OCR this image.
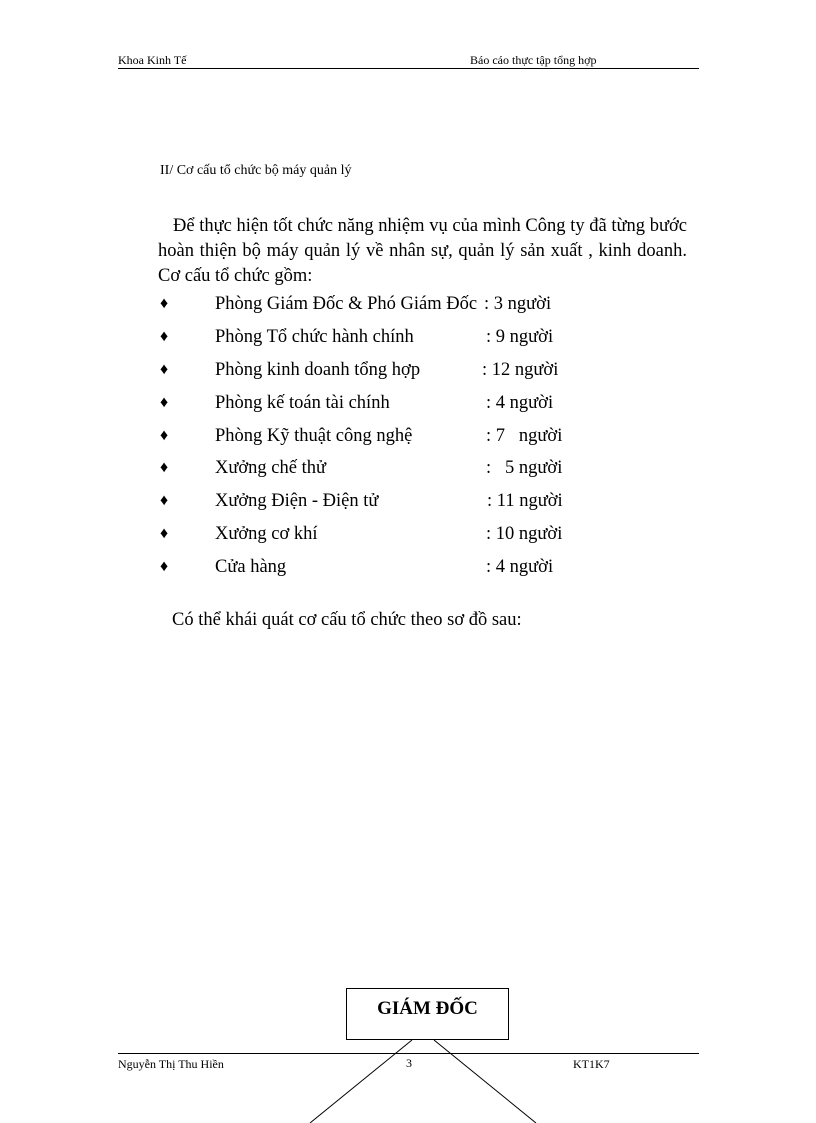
Khoa Kinh Tế	Báo cáo thực tập tổng hợp
II/ Cơ cấu tổ chức bộ máy quản lý
Để thực hiện tốt chức năng nhiệm vụ của mình Công ty đã từng bước hoàn thiện bộ máy quản lý về nhân sự, quản lý sản xuất , kinh doanh. Cơ cấu tổ chức gồm:
♦	Phòng Giám Đốc & Phó Giám Đốc : 3 người
♦	Phòng Tổ chức hành chính	: 9 người
♦	Phòng kinh doanh tổng hợp	: 12 người
♦	Phòng kế toán tài chính	: 4 người
♦	Phòng Kỹ thuật công nghệ	: 7   người
♦	Xưởng chế thử	:   5 người
♦	Xưởng Điện - Điện tử	: 11 người
♦	Xưởng cơ khí	: 10 người
♦	Cửa hàng	: 4 người
Có thể khái quát cơ cấu tổ chức theo sơ đồ sau:
GIÁM ĐỐC
Nguyễn Thị Thu Hiền	3	KT1K7
